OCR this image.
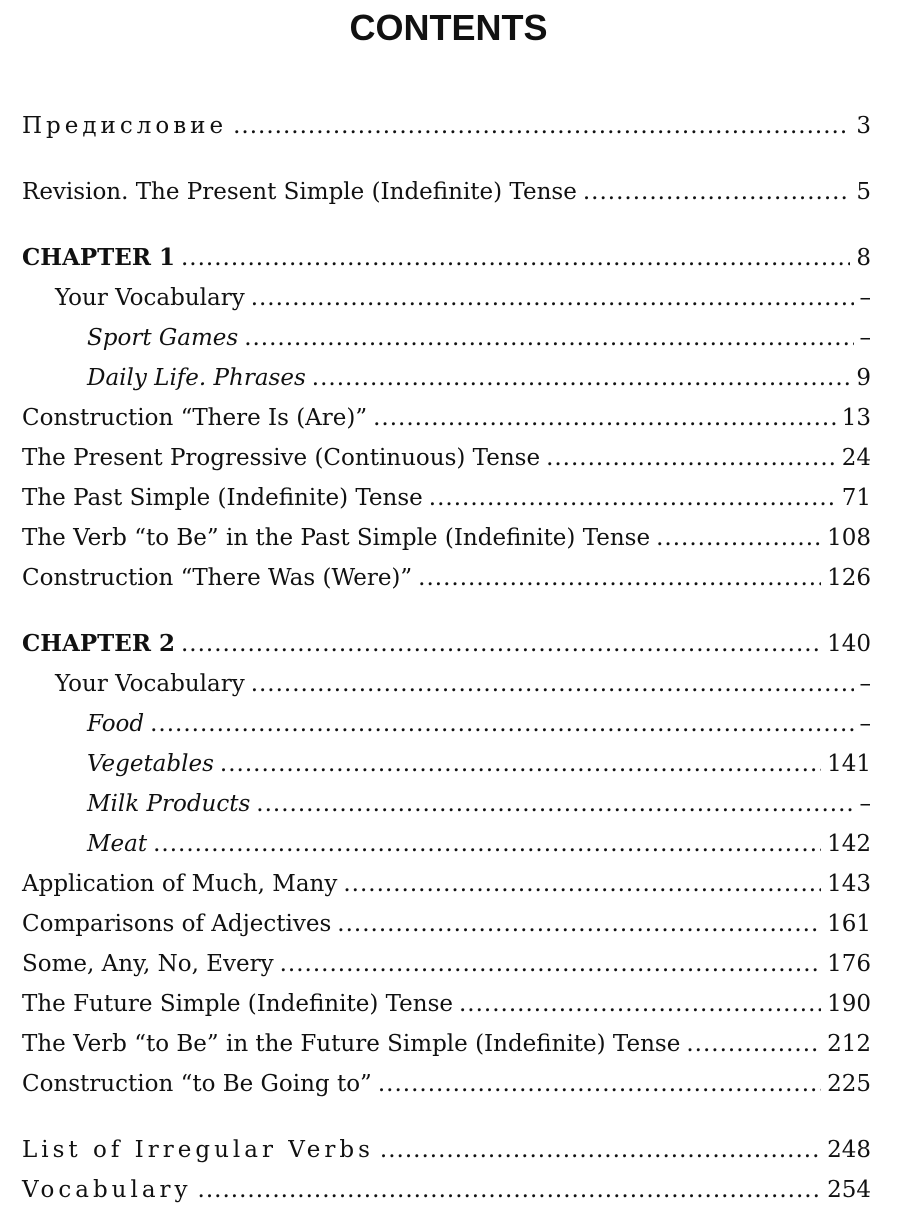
CONTENTS
Предисловие .....	3
Revision. The Present Simple (Indefinite) Tense .....	5
CHAPTER 1 .....	8
Your Vocabulary .....	–
Sport Games .....	–
Daily Life. Phrases .....	9
Construction “There Is (Are)” .....	13
The Present Progressive (Continuous) Tense .....	24
The Past Simple (Indefinite) Tense .....	71
The Verb “to Be” in the Past Simple (Indefinite) Tense .....	108
Construction “There Was (Were)” .....	126
CHAPTER 2 .....	140
Your Vocabulary .....	–
Food .....	–
Vegetables .....	141
Milk Products .....	–
Meat .....	142
Application of Much, Many .....	143
Comparisons of Adjectives .....	161
Some, Any, No, Every .....	176
The Future Simple (Indefinite) Tense .....	190
The Verb “to Be” in the Future Simple (Indefinite) Tense .....	212
Construction “to Be Going to” .....	225
List of Irregular Verbs .....	248
Vocabulary .....	254
